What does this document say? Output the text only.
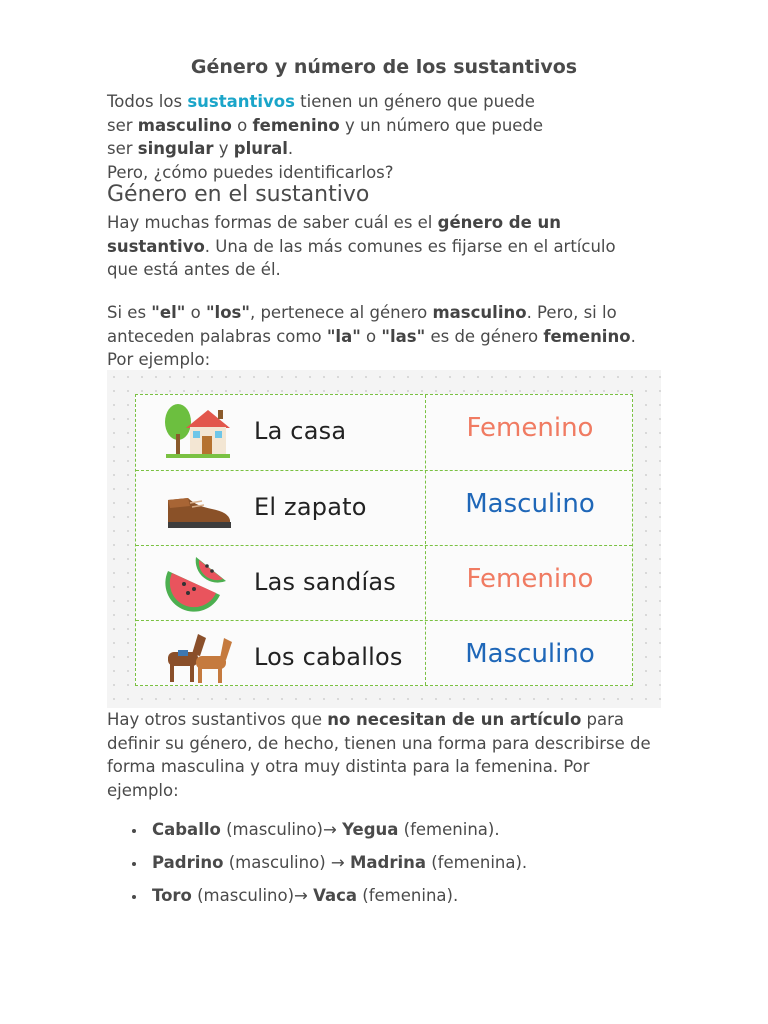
Género y número de los sustantivos
Todos los sustantivos tienen un género que puede
ser masculino o femenino y un número que puede
ser singular y plural.
Pero, ¿cómo puedes identificarlos?
Género en el sustantivo
Hay muchas formas de saber cuál es el género de un sustantivo. Una de las más comunes es fijarse en el artículo que está antes de él.
Si es "el" o "los", pertenece al género masculino. Pero, si lo anteceden palabras como "la" o "las" es de género femenino. Por ejemplo:
La casa	Femenino
El zapato	Masculino
Las sandías	Femenino
Los caballos	Masculino
Hay otros sustantivos que no necesitan de un artículo para definir su género, de hecho, tienen una forma para describirse de forma masculina y otra muy distinta para la femenina. Por ejemplo:
Caballo (masculino)→ Yegua (femenina).
Padrino (masculino) → Madrina (femenina).
Toro (masculino)→ Vaca (femenina).
